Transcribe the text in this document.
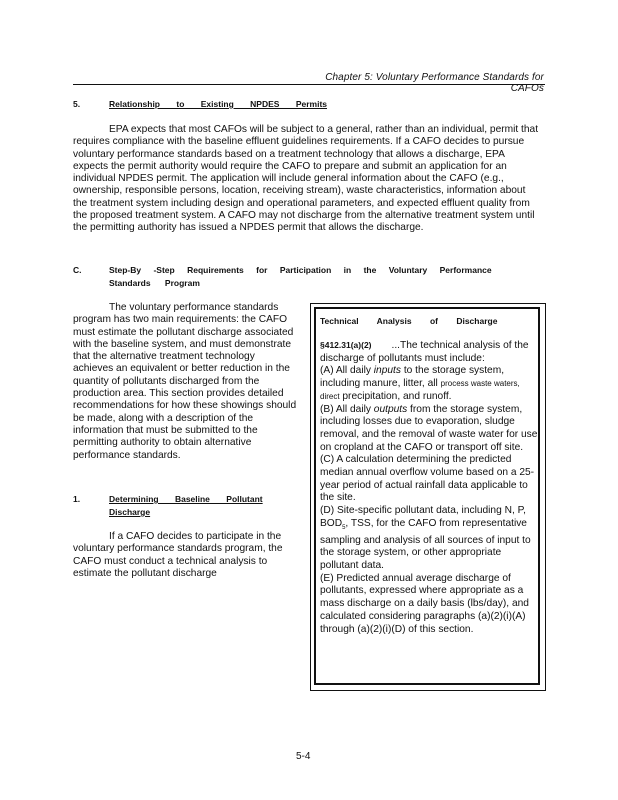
Chapter 5: Voluntary Performance Standards for CAFOs
5.	Relationship to Existing NPDES Permits

EPA expects that most CAFOs will be subject to a general, rather than an individual, permit that requires compliance with the baseline effluent guidelines requirements. If a CAFO decides to pursue voluntary performance standards based on a treatment technology that allows a discharge, EPA expects the permit authority would require the CAFO to prepare and submit an application for an individual NPDES permit. The application will include general information about the CAFO (e.g., ownership, responsible persons, location, receiving stream), waste characteristics, information about the treatment system including design and operational parameters, and expected effluent quality from the proposed treatment system. A CAFO may not discharge from the alternative treatment system until the permitting authority has issued a NPDES permit that allows the discharge.

C.	Step-By -Step Requirements for Participation in the Voluntary Performance
Standards Program

The voluntary performance standards program has two main requirements: the CAFO must estimate the pollutant discharge associated with the baseline system, and must demonstrate that the alternative treatment technology achieves an equivalent or better reduction in the quantity of pollutants discharged from the production area. This section provides detailed recommendations for how these showings should be made, along with a description of the information that must be submitted to the permitting authority to obtain alternative performance standards.

1.	Determining Baseline Pollutant
Discharge

If a CAFO decides to participate in the voluntary performance standards program, the CAFO must conduct a technical analysis to estimate the pollutant discharge

Technical Analysis of Discharge

§412.31(a)(2) ...The technical analysis of the discharge of pollutants must include:

(A) All daily inputs to the storage system, including manure, litter, all process waste waters, direct precipitation, and runoff.

(B) All daily outputs from the storage system, including losses due to evaporation, sludge removal, and the removal of waste water for use on cropland at the CAFO or transport off site.

(C) A calculation determining the predicted median annual overflow volume based on a 25-year period of actual rainfall data applicable to the site.

(D) Site-specific pollutant data, including N, P, $BOD_5$, TSS, for the CAFO from representative sampling and analysis of all sources of input to the storage system, or other appropriate pollutant data.

(E) Predicted annual average discharge of pollutants, expressed where appropriate as a mass discharge on a daily basis (lbs/day), and calculated considering paragraphs (a)(2)(i)(A) through (a)(2)(i)(D) of this section.

5-4
